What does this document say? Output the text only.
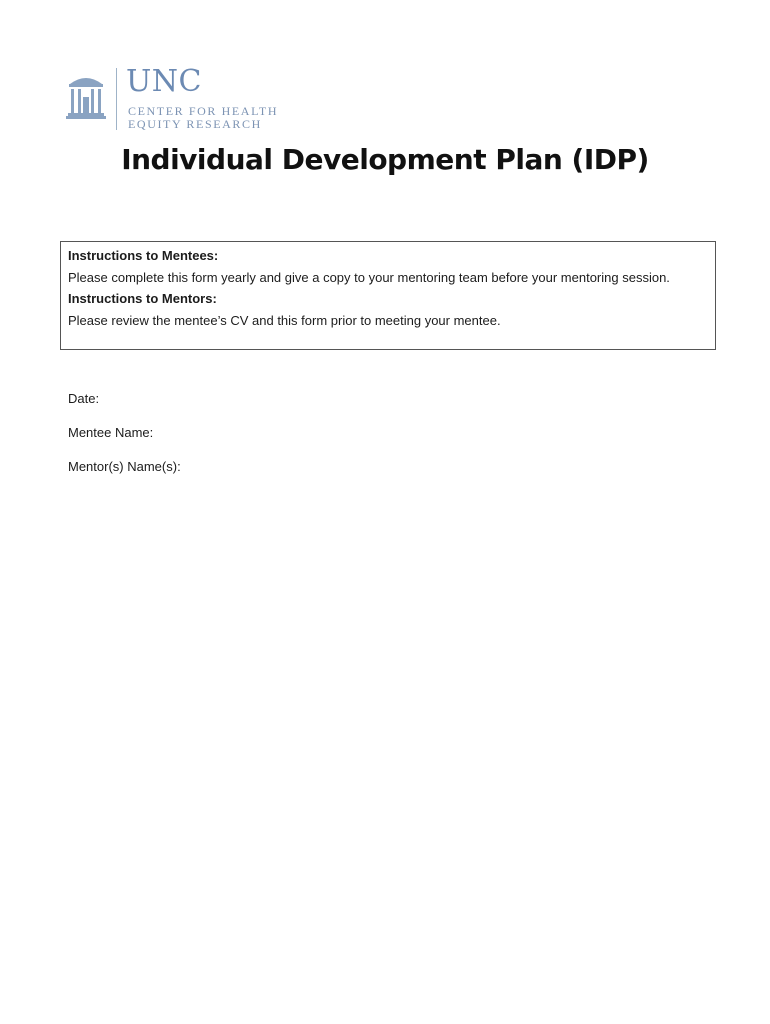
UNC
CENTER FOR HEALTH
EQUITY RESEARCH
Individual Development Plan (IDP)
Instructions to Mentees:
Please complete this form yearly and give a copy to your mentoring team before your mentoring session.
Instructions to Mentors:
Please review the mentee’s CV and this form prior to meeting your mentee.
Date:
Mentee Name:
Mentor(s) Name(s):
